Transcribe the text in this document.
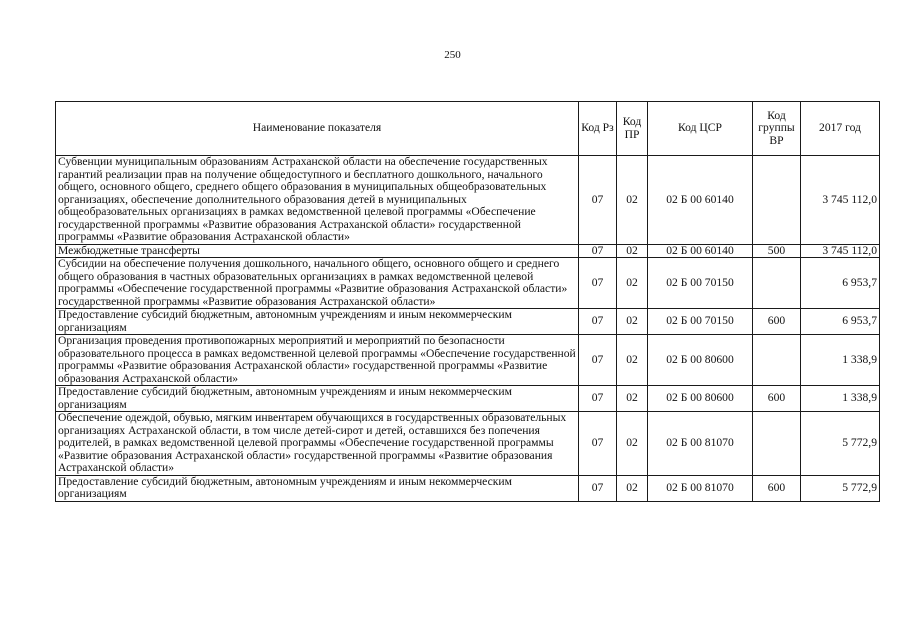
250
Наименование показателя	Код Рз	Код ПР	Код ЦСР	Код группы ВР	2017 год
Субвенции муниципальным образованиям Астраханской области на обеспечение государственных гарантий реализации прав на получение общедоступного и бесплатного дошкольного, начального общего, основного общего, среднего общего образования в муниципальных общеобразовательных организациях, обеспечение дополнительного образования детей в муниципальных общеобразовательных организациях в рамках ведомственной целевой программы «Обеспечение государственной программы «Развитие образования Астраханской области» государственной программы «Развитие образования Астраханской области»	07	02	02 Б 00 60140		3 745 112,0
Межбюджетные трансферты	07	02	02 Б 00 60140	500	3 745 112,0
Субсидии на обеспечение получения дошкольного, начального общего, основного общего и среднего общего образования в частных образовательных организациях в рамках ведомственной целевой программы «Обеспечение государственной программы «Развитие образования Астраханской области» государственной программы «Развитие образования Астраханской области»	07	02	02 Б 00 70150		6 953,7
Предоставление субсидий бюджетным, автономным учреждениям и иным некоммерческим организациям	07	02	02 Б 00 70150	600	6 953,7
Организация проведения противопожарных мероприятий и мероприятий по безопасности образовательного процесса в рамках ведомственной целевой программы «Обеспечение государственной программы «Развитие образования Астраханской области» государственной программы «Развитие образования Астраханской области»	07	02	02 Б 00 80600		1 338,9
Предоставление субсидий бюджетным, автономным учреждениям и иным некоммерческим организациям	07	02	02 Б 00 80600	600	1 338,9
Обеспечение одеждой, обувью, мягким инвентарем обучающихся в государственных образовательных организациях Астраханской области, в том числе детей-сирот и детей, оставшихся без попечения родителей, в рамках ведомственной целевой программы «Обеспечение государственной программы «Развитие образования Астраханской области» государственной программы «Развитие образования Астраханской области»	07	02	02 Б 00 81070		5 772,9
Предоставление субсидий бюджетным, автономным учреждениям и иным некоммерческим организациям	07	02	02 Б 00 81070	600	5 772,9
